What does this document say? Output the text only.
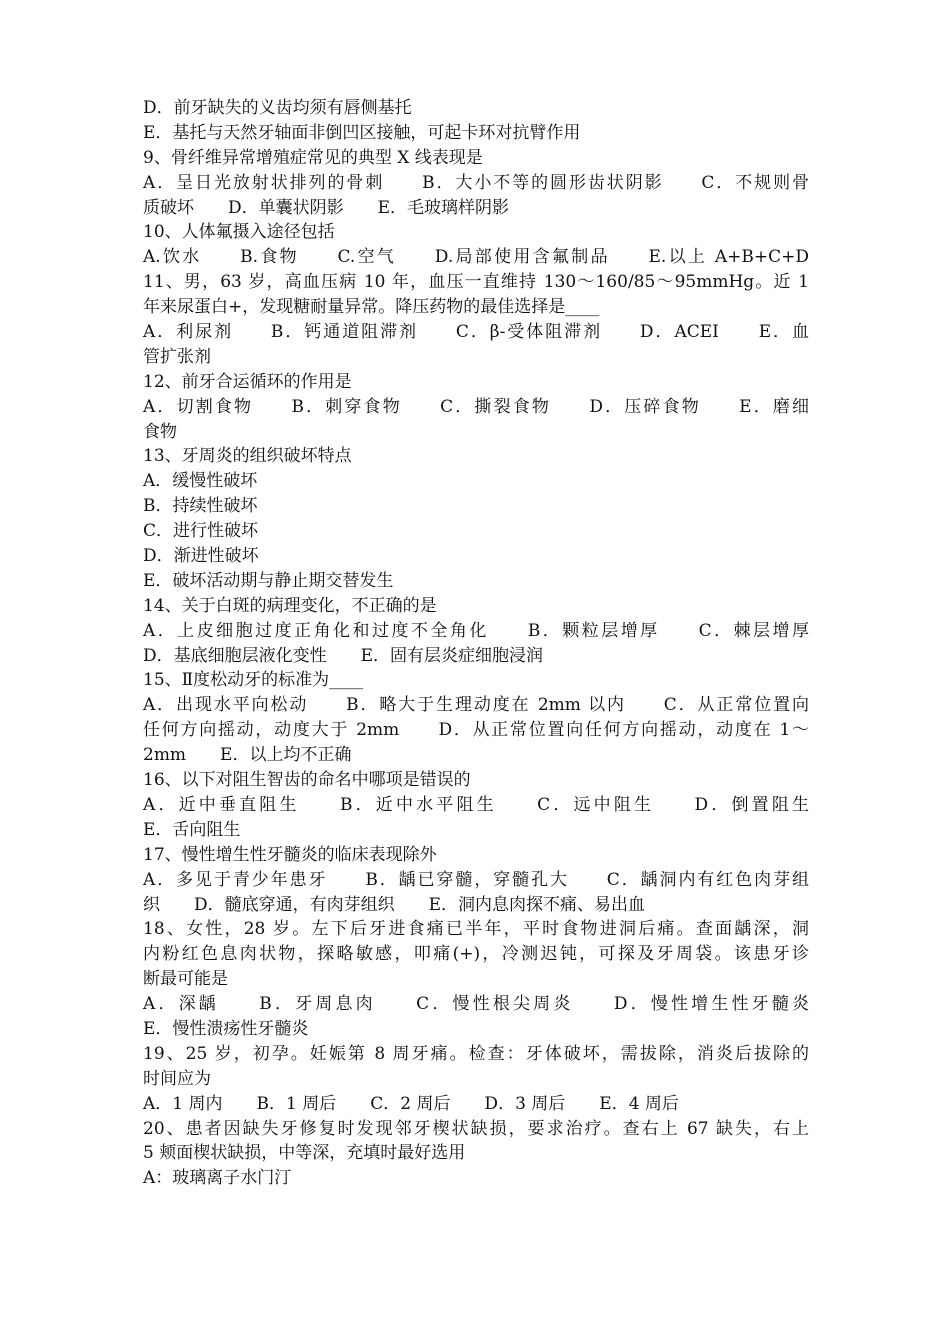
D．前牙缺失的义齿均须有唇侧基托
E．基托与天然牙轴面非倒凹区接触，可起卡环对抗臂作用
9、骨纤维异常增殖症常见的典型 X 线表现是
A．呈日光放射状排列的骨刺　　B．大小不等的圆形齿状阴影　　C．不规则骨
质破坏　　D．单囊状阴影　　E．毛玻璃样阴影
10、人体氟摄入途径包括
A.饮水　　B.食物　　C.空气　　D.局部使用含氟制品　　E.以上 A+B+C+D
11、男，63 岁，高血压病 10 年，血压一直维持 130～160/85～95mmHg。近 1
年来尿蛋白+，发现糖耐量异常。降压药物的最佳选择是____
A．利尿剂　　B．钙通道阻滞剂　　C．β-受体阻滞剂　　D．ACEI　　E．血
管扩张剂
12、前牙合运循环的作用是
A．切割食物　　B．刺穿食物　　C．撕裂食物　　D．压碎食物　　E．磨细
食物
13、牙周炎的组织破坏特点
A．缓慢性破坏
B．持续性破坏
C．进行性破坏
D．渐进性破坏
E．破坏活动期与静止期交替发生
14、关于白斑的病理变化，不正确的是
A．上皮细胞过度正角化和过度不全角化　　B．颗粒层增厚　　C．棘层增厚
D．基底细胞层液化变性　　E．固有层炎症细胞浸润
15、Ⅱ度松动牙的标准为____
A．出现水平向松动　　B．略大于生理动度在 2mm 以内　　C．从正常位置向
任何方向摇动，动度大于 2mm　　D．从正常位置向任何方向摇动，动度在 1～
2mm　　E．以上均不正确
16、以下对阻生智齿的命名中哪项是错误的
A．近中垂直阻生　　B．近中水平阻生　　C．远中阻生　　D．倒置阻生
E．舌向阻生
17、慢性增生性牙髓炎的临床表现除外
A．多见于青少年患牙　　B．龋已穿髓，穿髓孔大　　C．龋洞内有红色肉芽组
织　　D．髓底穿通，有肉芽组织　　E．洞内息肉探不痛、易出血
18、女性，28 岁。左下后牙进食痛已半年，平时食物进洞后痛。查面龋深，洞
内粉红色息肉状物，探略敏感，叩痛(+)，冷测迟钝，可探及牙周袋。该患牙诊
断最可能是
A．深龋　　B．牙周息肉　　C．慢性根尖周炎　　D．慢性增生性牙髓炎
E．慢性溃疡性牙髓炎
19、25 岁，初孕。妊娠第 8 周牙痛。检查：牙体破坏，需拔除，消炎后拔除的
时间应为
A．1 周内　　B．1 周后　　C．2 周后　　D．3 周后　　E．4 周后
20、患者因缺失牙修复时发现邻牙楔状缺损，要求治疗。查右上 67 缺失，右上
5 颊面楔状缺损，中等深，充填时最好选用
A：玻璃离子水门汀
